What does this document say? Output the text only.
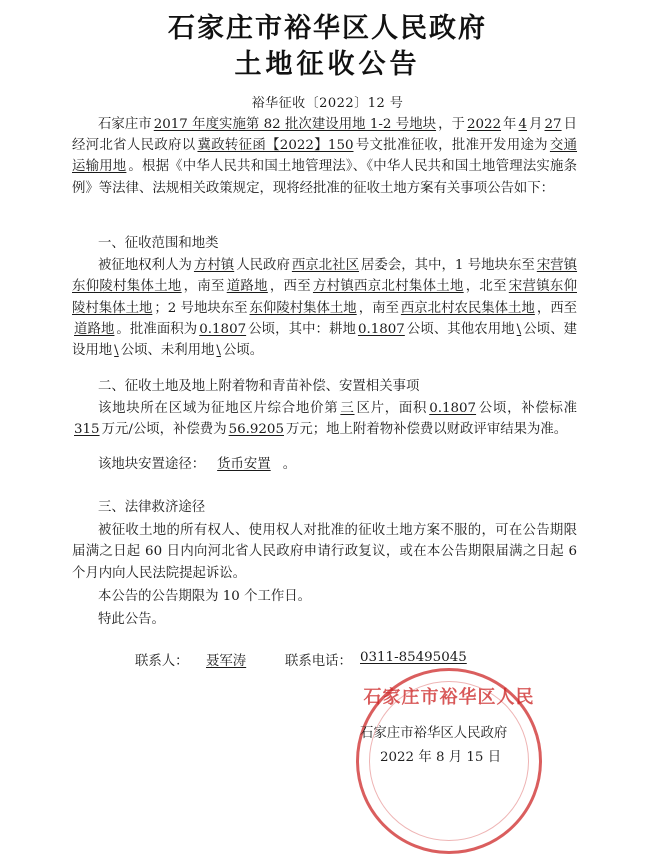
石家庄市裕华区人民政府
土地征收公告
裕华征收〔2022〕12 号

石家庄市 2017 年度实施第 82 批次建设用地 1-2 号地块 ，于 2022 年 4 月 27 日经河北省人民政府以 冀政转征函【2022】150 号文批准征收，批准开发用途为 交通运输用地 。根据《中华人民共和国土地管理法》、《中华人民共和国土地管理法实施条例》等法律、法规相关政策规定，现将经批准的征收土地方案有关事项公告如下：

一、征收范围和地类

被征地权利人为 方村镇 人民政府 西京北社区 居委会，其中，1 号地块东至 宋营镇东仰陵村集体土地 ，南至 道路地 ，西至 方村镇西京北村集体土地 ，北至 宋营镇东仰陵村集体土地 ；2 号地块东至 东仰陵村集体土地 ，南至 西京北村农民集体土地 ，西至道路地 。批准面积为 0.1807 公顷，其中：耕地 0.1807 公顷、其他农用地 \ 公顷、建设用地 \ 公顷、未利用地 \ 公顷。

二、征收土地及地上附着物和青苗补偿、安置相关事项

该地块所在区域为征地区片综合地价第 三 区片，面积 0.1807 公顷，补偿标准315 万元/公顷，补偿费为 56.9205 万元；地上附着物补偿费以财政评审结果为准。

该地块安置途径： 货币安置 。

三、法律救济途径

被征收土地的所有权人、使用权人对批准的征收土地方案不服的，可在公告期限届满之日起 60 日内向河北省人民政府申请行政复议，或在本公告期限届满之日起 6 个月内向人民法院提起诉讼。

本公告的公告期限为 10 个工作日。

特此公告。

联系人：	聂军涛	联系电话： 0311-85495045
石家庄市裕华区人民
石家庄市裕华区人民政府
2022 年 8 月 15 日
